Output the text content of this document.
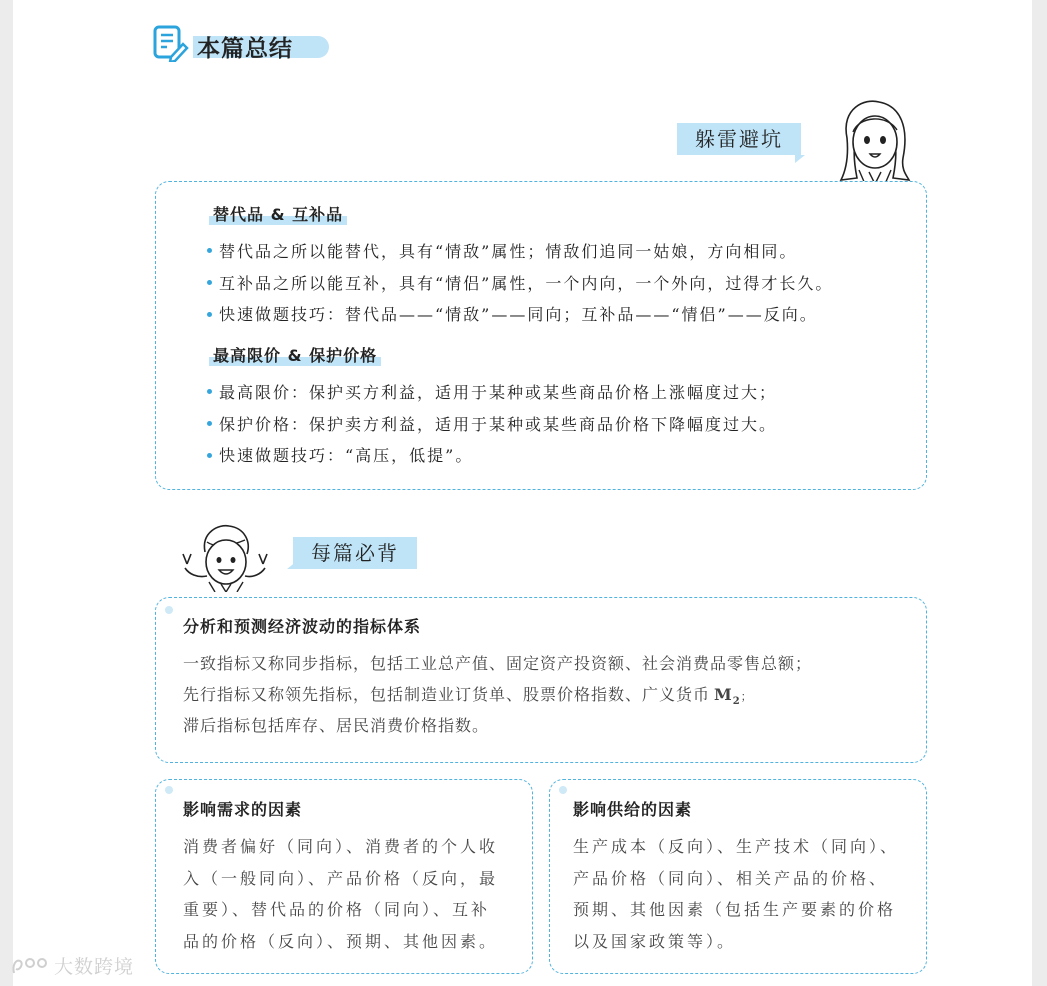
本篇总结
躲雷避坑
替代品 & 互补品
替代品之所以能替代，具有“情敌”属性；情敌们追同一姑娘，方向相同。
互补品之所以能互补，具有“情侣”属性，一个内向，一个外向，过得才长久。
快速做题技巧：替代品——“情敌”——同向；互补品——“情侣”——反向。
最高限价 & 保护价格
最高限价：保护买方利益，适用于某种或某些商品价格上涨幅度过大；
保护价格：保护卖方利益，适用于某种或某些商品价格下降幅度过大。
快速做题技巧：“高压，低提”。
每篇必背
分析和预测经济波动的指标体系
一致指标又称同步指标，包括工业总产值、固定资产投资额、社会消费品零售总额；
先行指标又称领先指标，包括制造业订货单、股票价格指数、广义货币 $M_2$；
滞后指标包括库存、居民消费价格指数。
影响需求的因素
消费者偏好（同向）、消费者的个人收
入（一般同向）、产品价格（反向，最
重要）、替代品的价格（同向）、互补
品的价格（反向）、预期、其他因素。
影响供给的因素
生产成本（反向）、生产技术（同向）、
产品价格（同向）、相关产品的价格、
预期、其他因素（包括生产要素的价格
以及国家政策等）。
大数跨境
